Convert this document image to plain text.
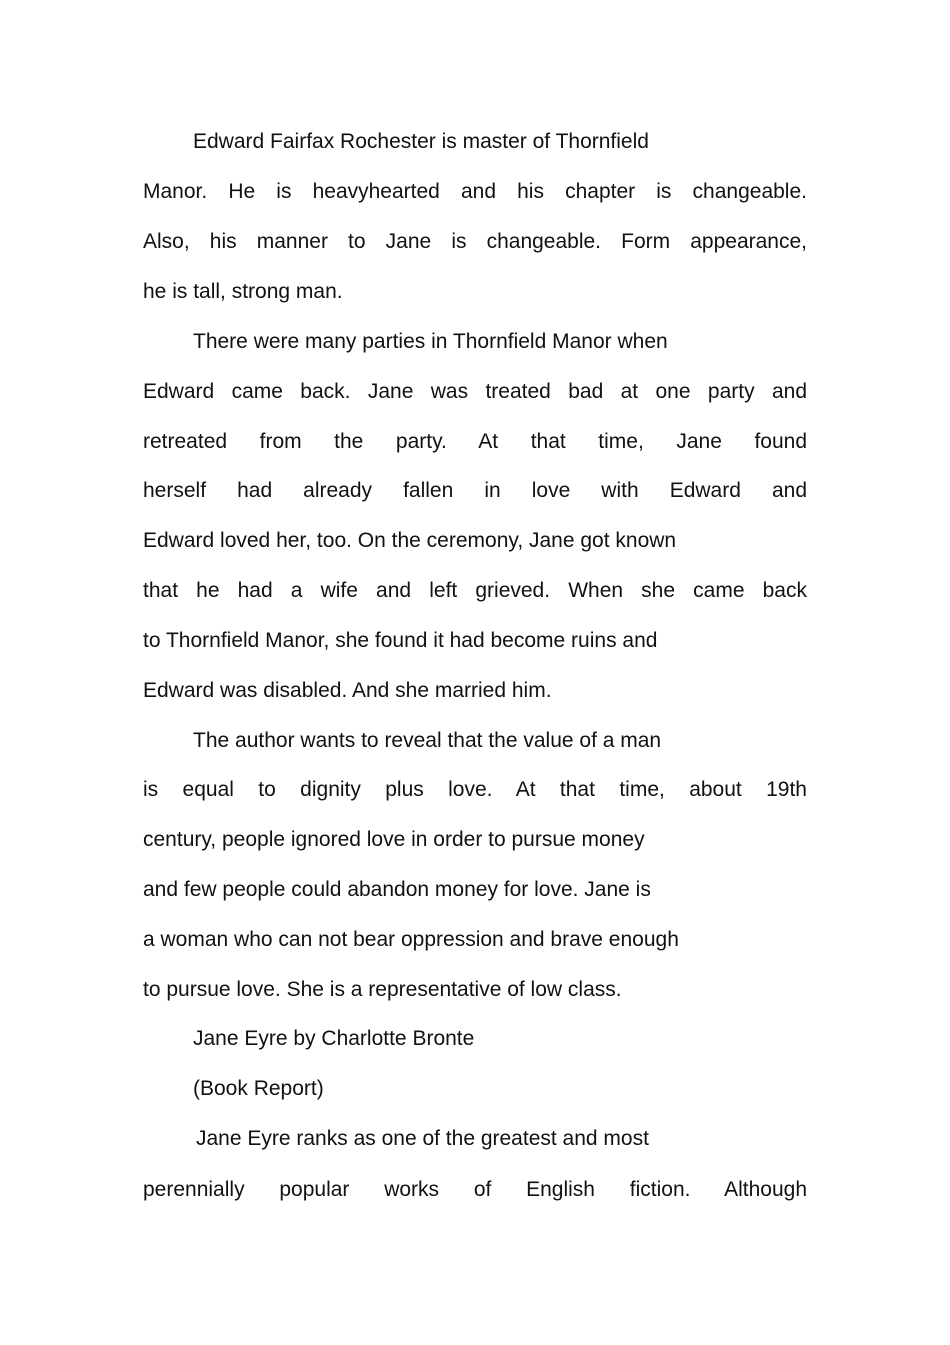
Edward Fairfax Rochester is master of Thornfield

Manor. He is heavyhearted and his chapter is changeable.

Also, his manner to Jane is changeable. Form appearance,

he is tall, strong man.

There were many parties in Thornfield Manor when

Edward came back. Jane was treated bad at one party and

retreated from the party. At that time, Jane found

herself had already fallen in love with Edward and

Edward loved her, too. On the ceremony, Jane got known

that he had a wife and left grieved. When she came back

to Thornfield Manor, she found it had become ruins and

Edward was disabled. And she married him.

The author wants to reveal that the value of a man

is equal to dignity plus love. At that time, about 19th

century, people ignored love in order to pursue money

and few people could abandon money for love. Jane is

a woman who can not bear oppression and brave enough

to pursue love. She is a representative of low class.

Jane Eyre by Charlotte Bronte

(Book Report)

Jane Eyre ranks as one of the greatest and most

perennially popular works of English fiction. Although
